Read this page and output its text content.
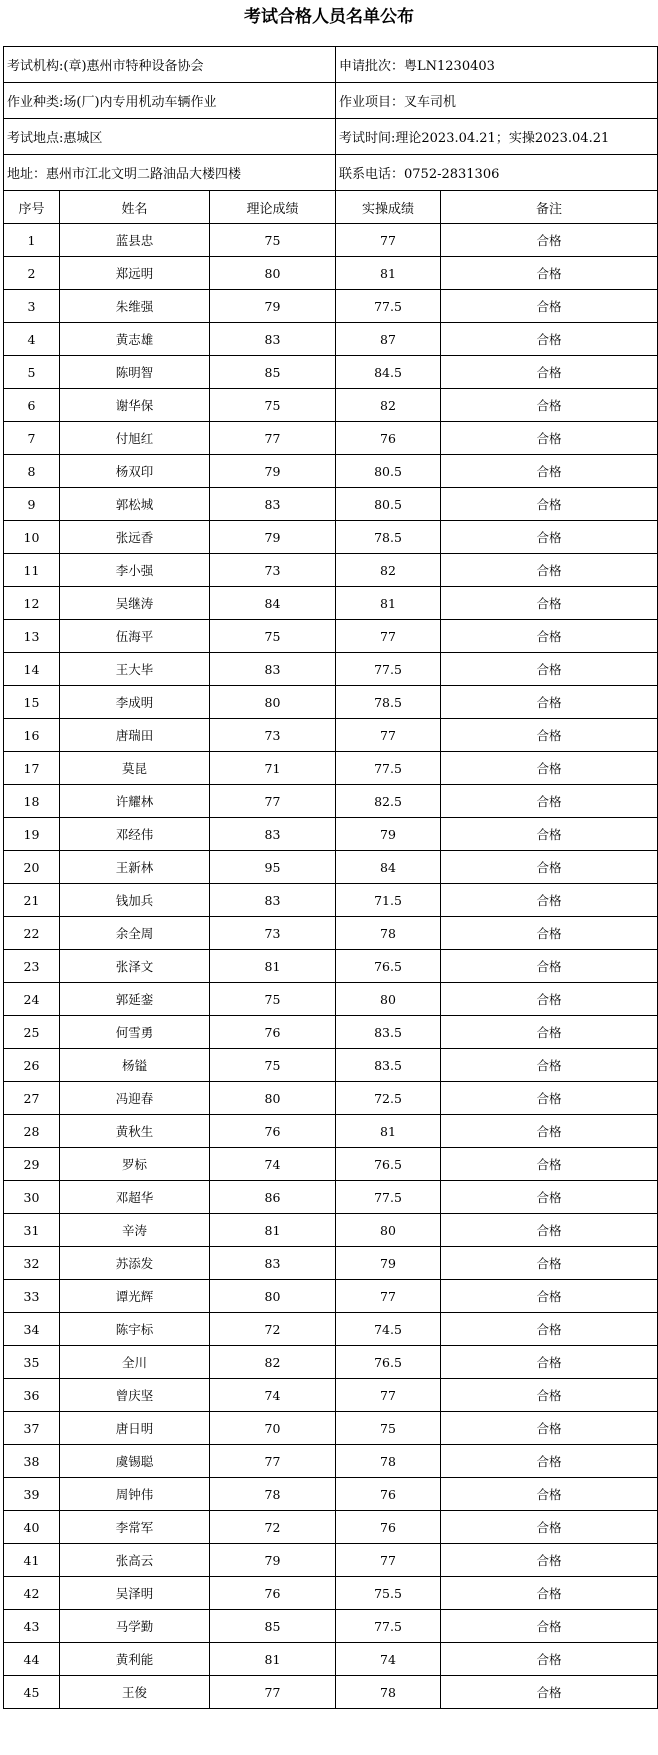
考试合格人员名单公布
考试机构:(章)惠州市特种设备协会			申请批次：粤LN1230403	
作业种类:场(厂)内专用机动车辆作业			作业项目：叉车司机	
考试地点:惠城区			考试时间:理论2023.04.21；实操2023.04.21	
地址：惠州市江北文明二路油品大楼四楼			联系电话：0752-2831306	
序号	姓名	理论成绩	实操成绩	备注
1	蓝县忠	75	77	合格
2	郑远明	80	81	合格
3	朱维强	79	77.5	合格
4	黄志雄	83	87	合格
5	陈明智	85	84.5	合格
6	谢华保	75	82	合格
7	付旭红	77	76	合格
8	杨双印	79	80.5	合格
9	郭松城	83	80.5	合格
10	张远香	79	78.5	合格
11	李小强	73	82	合格
12	吴继涛	84	81	合格
13	伍海平	75	77	合格
14	王大毕	83	77.5	合格
15	李成明	80	78.5	合格
16	唐瑞田	73	77	合格
17	莫昆	71	77.5	合格
18	许耀林	77	82.5	合格
19	邓经伟	83	79	合格
20	王新林	95	84	合格
21	钱加兵	83	71.5	合格
22	余全周	73	78	合格
23	张泽文	81	76.5	合格
24	郭延銮	75	80	合格
25	何雪勇	76	83.5	合格
26	杨镒	75	83.5	合格
27	冯迎春	80	72.5	合格
28	黄秋生	76	81	合格
29	罗标	74	76.5	合格
30	邓超华	86	77.5	合格
31	辛涛	81	80	合格
32	苏添发	83	79	合格
33	谭光辉	80	77	合格
34	陈宇标	72	74.5	合格
35	全川	82	76.5	合格
36	曾庆坚	74	77	合格
37	唐日明	70	75	合格
38	虞锡聪	77	78	合格
39	周钟伟	78	76	合格
40	李常军	72	76	合格
41	张高云	79	77	合格
42	吴泽明	76	75.5	合格
43	马学勤	85	77.5	合格
44	黄利能	81	74	合格
45	王俊	77	78	合格
